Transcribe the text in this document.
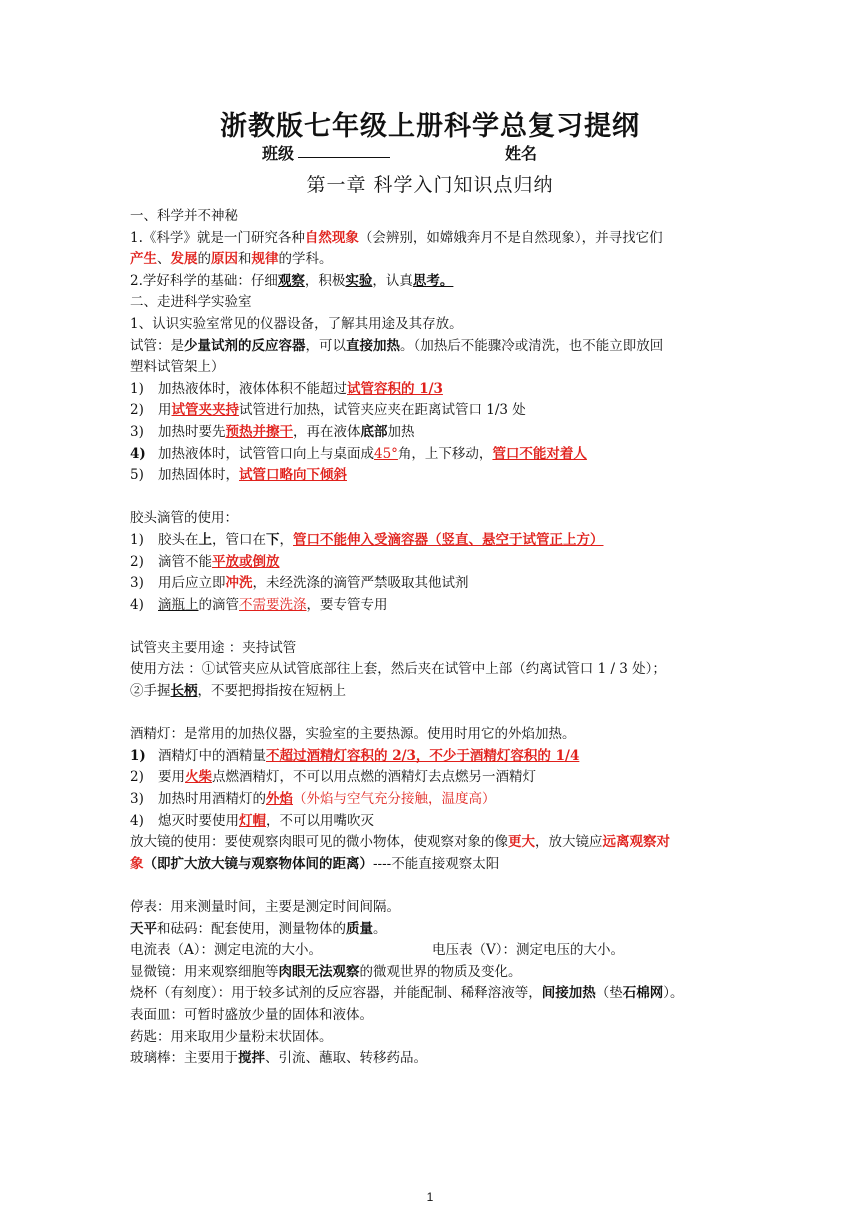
浙教版七年级上册科学总复习提纲
班级	姓名
第一章 科学入门知识点归纳
一、科学并不神秘
1.《科学》就是一门研究各种自然现象（会辨别，如嫦娥奔月不是自然现象），并寻找它们
产生、发展的原因和规律的学科。
2.学好科学的基础：仔细观察，积极实验，认真思考。
二、走进科学实验室
1、认识实验室常见的仪器设备，了解其用途及其存放。
试管：是少量试剂的反应容器，可以直接加热。（加热后不能骤冷或清洗，也不能立即放回
塑料试管架上）
1) 加热液体时，液体体积不能超过试管容积的 1/3
2) 用试管夹夹持试管进行加热，试管夹应夹在距离试管口 1/3 处
3) 加热时要先预热并擦干，再在液体底部加热
4) 加热液体时，试管管口向上与桌面成45°角，上下移动，管口不能对着人
5) 加热固体时，试管口略向下倾斜
胶头滴管的使用：
1) 胶头在上，管口在下，管口不能伸入受滴容器（竖直、悬空于试管正上方）
2) 滴管不能平放或倒放
3) 用后应立即冲洗，未经洗涤的滴管严禁吸取其他试剂
4) 滴瓶上的滴管不需要洗涤，要专管专用
试管夹主要用途 ：夹持试管
使用方法 ：①试管夹应从试管底部往上套，然后夹在试管中上部（约离试管口 1 / 3 处）；
②手握长柄，不要把拇指按在短柄上
酒精灯：是常用的加热仪器，实验室的主要热源。使用时用它的外焰加热。
1) 酒精灯中的酒精量不超过酒精灯容积的 2/3，不少于酒精灯容积的 1/4
2) 要用火柴点燃酒精灯，不可以用点燃的酒精灯去点燃另一酒精灯
3) 加热时用酒精灯的外焰（外焰与空气充分接触，温度高）
4) 熄灭时要使用灯帽，不可以用嘴吹灭
放大镜的使用：要使观察肉眼可见的微小物体，使观察对象的像更大，放大镜应远离观察对
象（即扩大放大镜与观察物体间的距离）----不能直接观察太阳
停表：用来测量时间，主要是测定时间间隔。
天平和砝码：配套使用，测量物体的质量。
电流表（A）：测定电流的大小。	电压表（V）：测定电压的大小。
显微镜：用来观察细胞等肉眼无法观察的微观世界的物质及变化。
烧杯（有刻度）：用于较多试剂的反应容器，并能配制、稀释溶液等，间接加热（垫石棉网）。
表面皿：可暂时盛放少量的固体和液体。
药匙：用来取用少量粉末状固体。
玻璃棒：主要用于搅拌、引流、蘸取、转移药品。
1
